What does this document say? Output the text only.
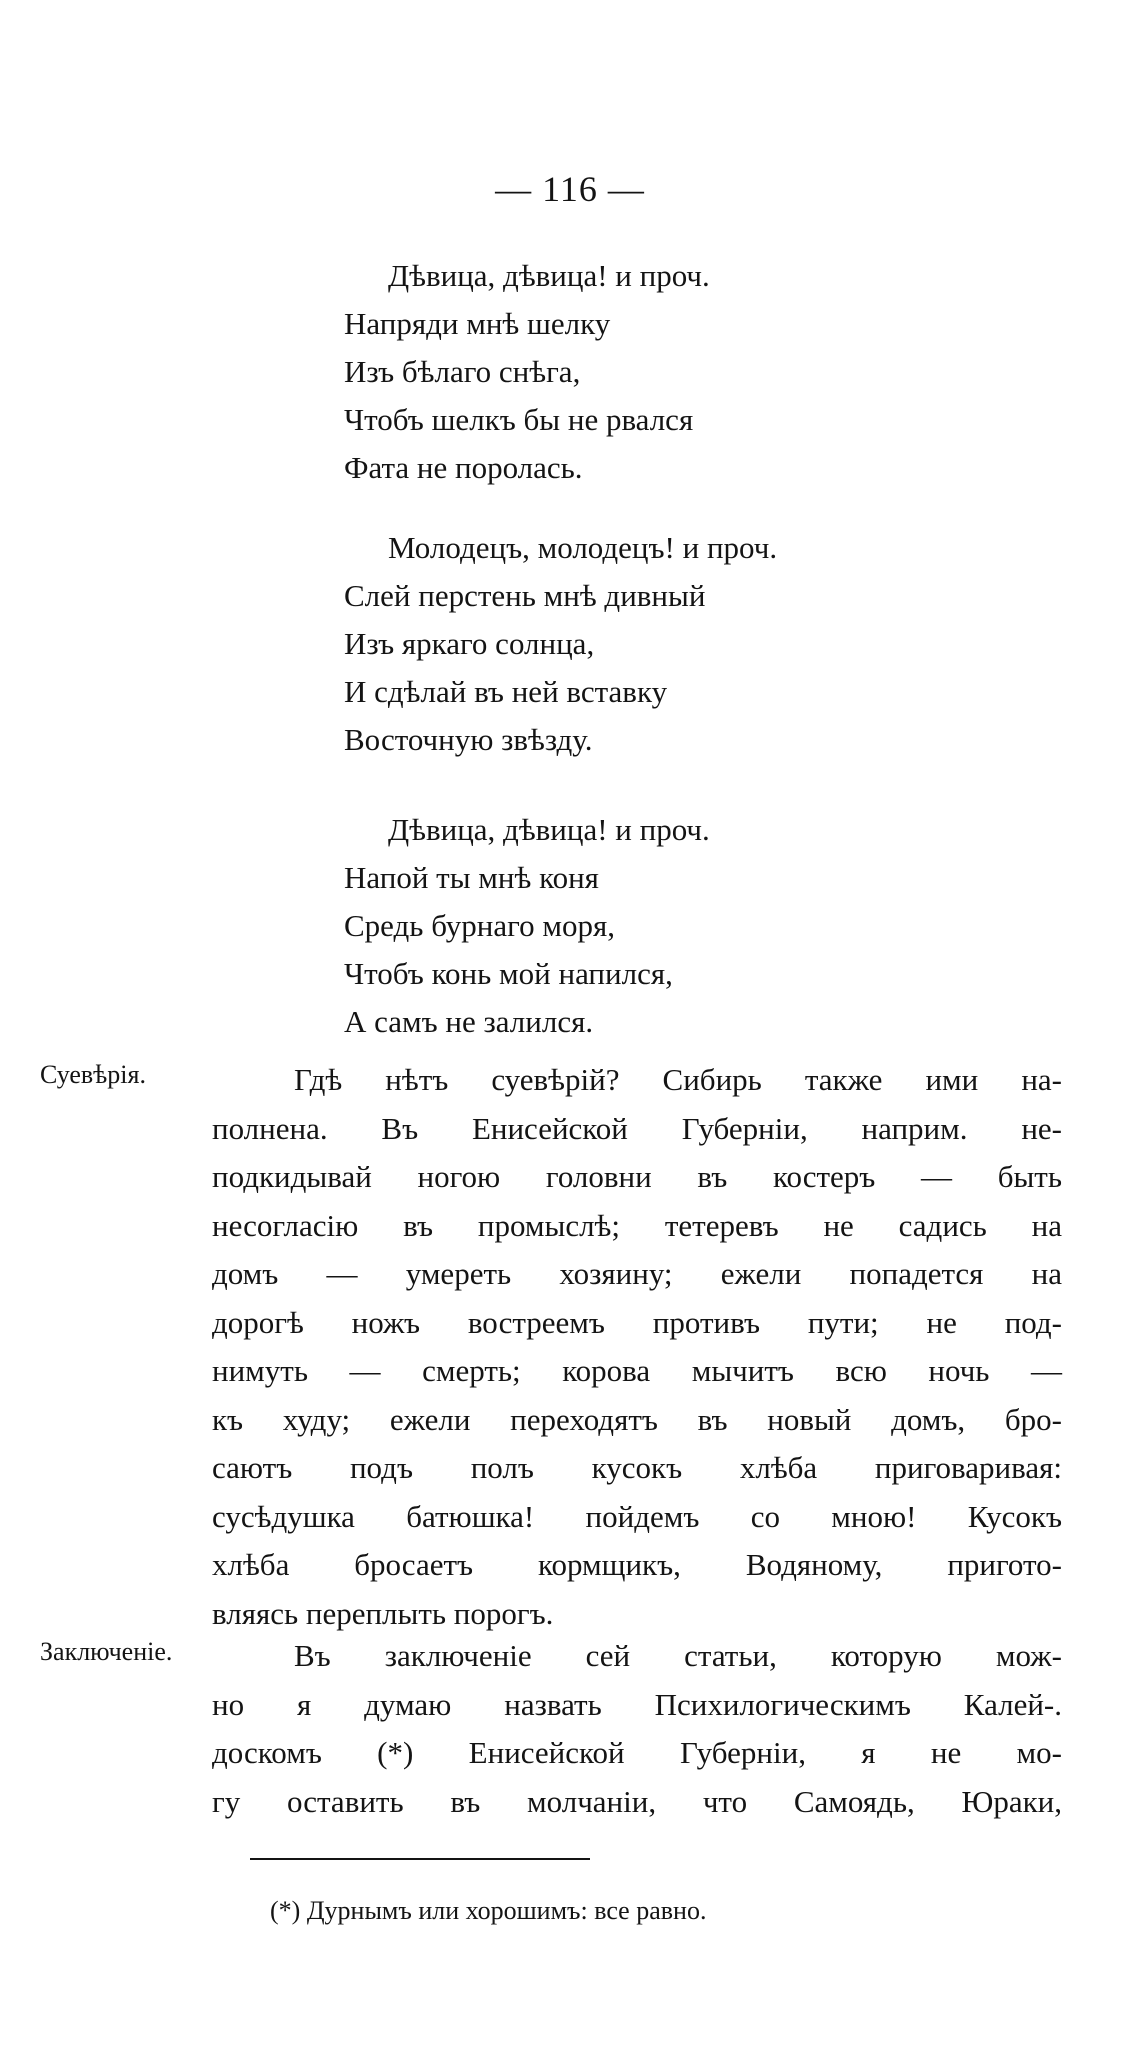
— 116 —
Дѣвица, дѣвица! и проч.
Напряди мнѣ шелку
Изъ бѣлаго снѣга,
Чтобъ шелкъ бы не рвался
Фата не поролась.
Молодецъ, молодецъ! и проч.
Слей перстень мнѣ дивный
Изъ яркаго солнца,
И сдѣлай въ ней вставку
Восточную звѣзду.
Дѣвица, дѣвица! и проч.
Напой ты мнѣ коня
Средь бурнаго моря,
Чтобъ конь мой напился,
А самъ не залился.
Суевѣрія.	Гдѣ нѣтъ суевѣрій? Сибирь также ими на-
полнена. Въ Енисейской Губерніи, наприм. не-
подкидывай ногою головни въ костеръ — быть
несогласію въ промыслѣ; тетеревъ не садись на
домъ — умереть хозяину; ежели попадется на
дорогѣ ножъ востреемъ противъ пути; не под-
нимуть — смерть; корова мычитъ всю ночь —
къ худу; ежели переходятъ въ новый домъ, бро-
саютъ подъ полъ кусокъ хлѣба приговаривая:
сусѣдушка батюшка! пойдемъ со мною! Кусокъ
хлѣба бросаетъ кормщикъ, Водяному, пригото-
вляясь переплыть порогъ.
Заключеніе.	Въ заключеніе сей статьи, которую мож-
но я думаю назвать Психилогическимъ Калей-.
доскомъ (*) Енисейской Губерніи, я не мо-
гу оставить въ молчаніи, что Самоядь, Юраки,
(*) Дурнымъ или хорошимъ: все равно.
